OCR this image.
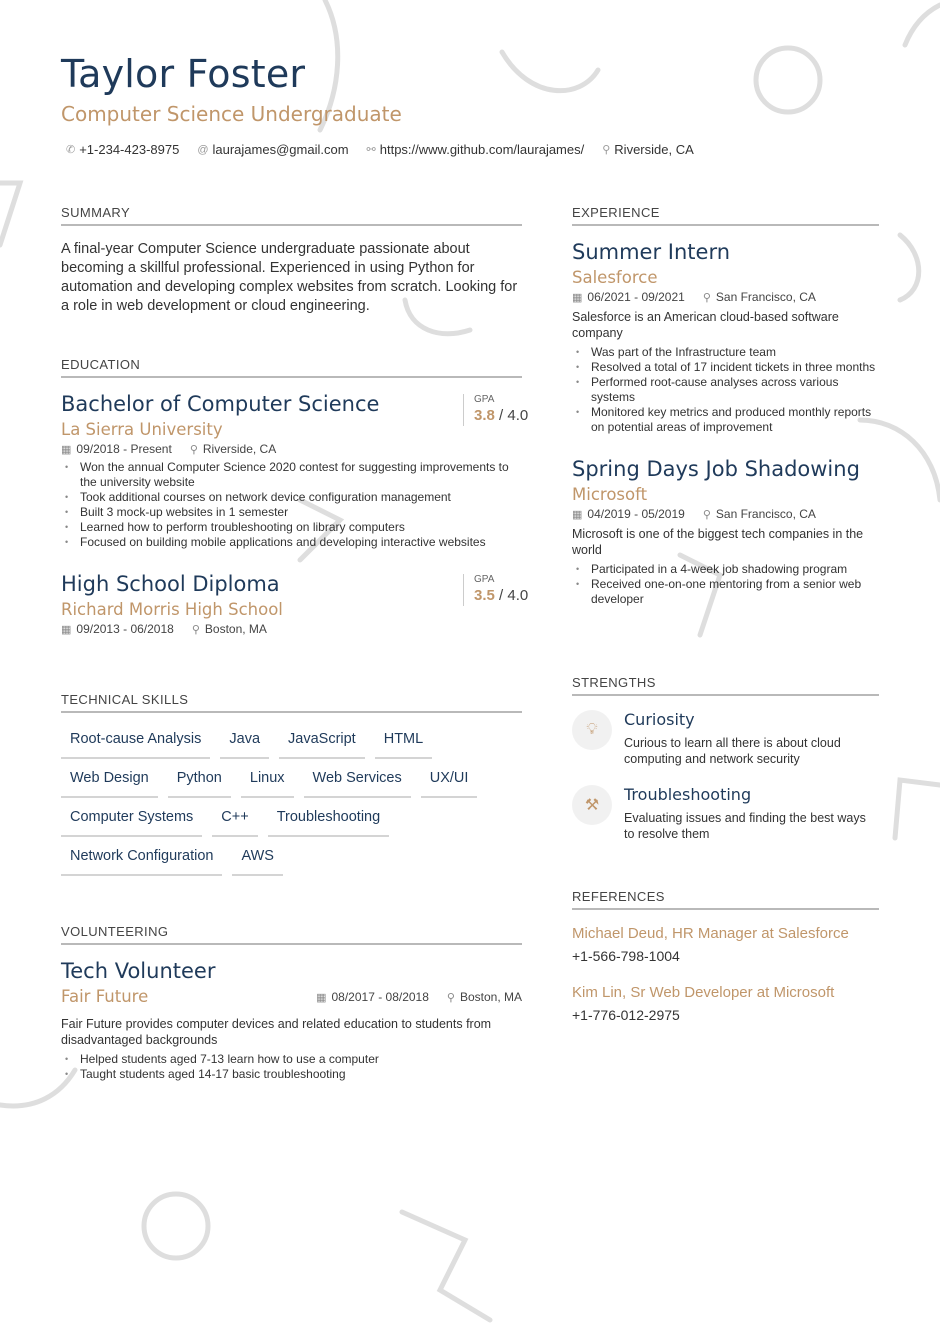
Taylor Foster
Computer Science Undergraduate
✆ +1-234-423-8975 @ laurajames@gmail.com ⚯ https://www.github.com/laurajames/ ⚲ Riverside, CA
SUMMARY
A final-year Computer Science undergraduate passionate about becoming a skillful professional. Experienced in using Python for automation and developing complex websites from scratch. Looking for a role in web development or cloud engineering.
EDUCATION
GPA
3.8 / 4.0
Bachelor of Computer Science
La Sierra University
▦ 09/2018 - Present ⚲ Riverside, CA
• Won the annual Computer Science 2020 contest for suggesting improvements to the university website
• Took additional courses on network device configuration management
• Built 3 mock-up websites in 1 semester
• Learned how to perform troubleshooting on library computers
• Focused on building mobile applications and developing interactive websites
GPA
3.5 / 4.0
High School Diploma
Richard Morris High School
▦ 09/2013 - 06/2018 ⚲ Boston, MA
TECHNICAL SKILLS
Root-cause Analysis	Java	JavaScript	HTML
Web Design	Python	Linux	Web Services	UX/UI
Computer Systems	C++	Troubleshooting
Network Configuration	AWS
VOLUNTEERING
Tech Volunteer
Fair Future	▦ 08/2017 - 08/2018 ⚲ Boston, MA
Fair Future provides computer devices and related education to students from disadvantaged backgrounds
• Helped students aged 7-13 learn how to use a computer
• Taught students aged 14-17 basic troubleshooting
EXPERIENCE
Summer Intern
Salesforce
▦ 06/2021 - 09/2021 ⚲ San Francisco, CA
Salesforce is an American cloud-based software company
• Was part of the Infrastructure team
• Resolved a total of 17 incident tickets in three months
• Performed root-cause analyses across various systems
• Monitored key metrics and produced monthly reports on potential areas of improvement
Spring Days Job Shadowing
Microsoft
▦ 04/2019 - 05/2019 ⚲ San Francisco, CA
Microsoft is one of the biggest tech companies in the world
• Participated in a 4-week job shadowing program
• Received one-on-one mentoring from a senior web developer
STRENGTHS
💡︎
Curiosity
Curious to learn all there is about cloud computing and network security
⚒
Troubleshooting
Evaluating issues and finding the best ways to resolve them
REFERENCES
Michael Deud, HR Manager at Salesforce
+1-566-798-1004
Kim Lin, Sr Web Developer at Microsoft
+1-776-012-2975
